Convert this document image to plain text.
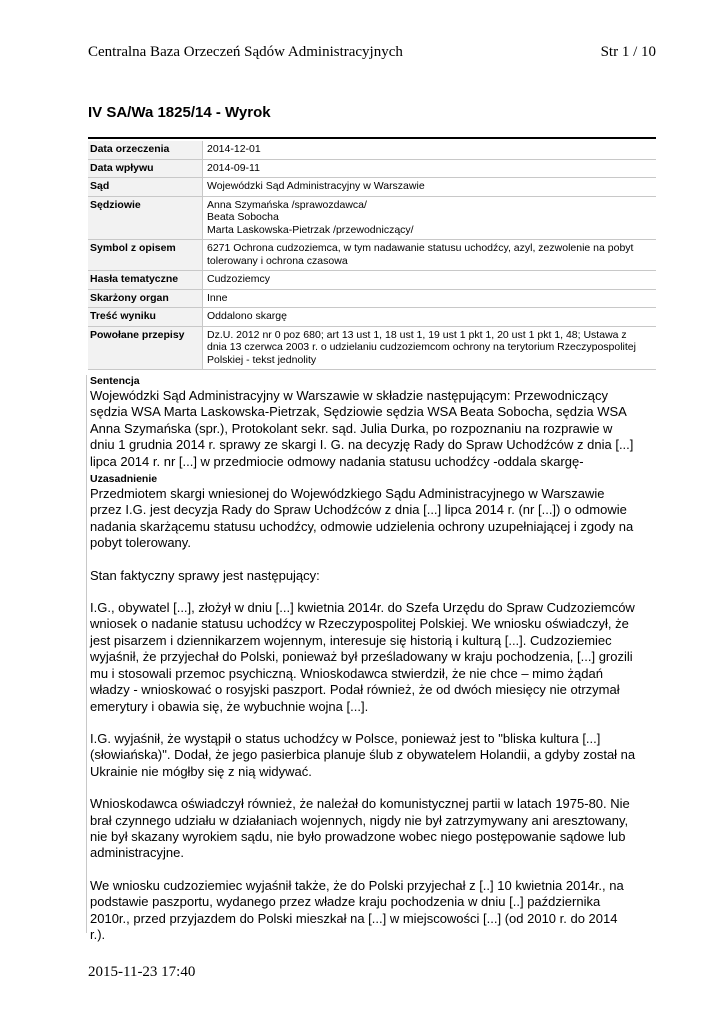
Centralna Baza Orzeczeń Sądów Administracyjnych	Str 1 / 10
IV SA/Wa 1825/14 - Wyrok
Data orzeczenia	2014-12-01
Data wpływu	2014-09-11
Sąd	Wojewódzki Sąd Administracyjny w Warszawie
Sędziowie	Anna Szymańska /sprawozdawca/
Beata Sobocha
Marta Laskowska-Pietrzak /przewodniczący/
Symbol z opisem	6271 Ochrona cudzoziemca, w tym nadawanie statusu uchodźcy, azyl, zezwolenie na pobyt
tolerowany i ochrona czasowa
Hasła tematyczne	Cudzoziemcy
Skarżony organ	Inne
Treść wyniku	Oddalono skargę
Powołane przepisy	Dz.U. 2012 nr 0 poz 680; art 13 ust 1, 18 ust 1, 19 ust 1 pkt 1, 20 ust 1 pkt 1, 48; Ustawa z
dnia 13 czerwca 2003 r. o udzielaniu cudzoziemcom ochrony na terytorium Rzeczypospolitej
Polskiej - tekst jednolity
Sentencja
Wojewódzki Sąd Administracyjny w Warszawie w składzie następującym: Przewodniczący
sędzia WSA Marta Laskowska-Pietrzak, Sędziowie sędzia WSA Beata Sobocha, sędzia WSA
Anna Szymańska (spr.), Protokolant sekr. sąd. Julia Durka, po rozpoznaniu na rozprawie w
dniu 1 grudnia 2014 r. sprawy ze skargi I. G. na decyzję Rady do Spraw Uchodźców z dnia [...]
lipca 2014 r. nr [...] w przedmiocie odmowy nadania statusu uchodźcy -oddala skargę-
Uzasadnienie
Przedmiotem skargi wniesionej do Wojewódzkiego Sądu Administracyjnego w Warszawie
przez I.G. jest decyzja Rady do Spraw Uchodźców z dnia [...] lipca 2014 r. (nr [...]) o odmowie
nadania skarżącemu statusu uchodźcy, odmowie udzielenia ochrony uzupełniającej i zgody na
pobyt tolerowany.
Stan faktyczny sprawy jest następujący:
I.G., obywatel [...], złożył w dniu [...] kwietnia 2014r. do Szefa Urzędu do Spraw Cudzoziemców
wniosek o nadanie statusu uchodźcy w Rzeczypospolitej Polskiej. We wniosku oświadczył, że
jest pisarzem i dziennikarzem wojennym, interesuje się historią i kulturą [...]. Cudzoziemiec
wyjaśnił, że przyjechał do Polski, ponieważ był prześladowany w kraju pochodzenia, [...] grozili
mu i stosowali przemoc psychiczną. Wnioskodawca stwierdził, że nie chce – mimo żądań
władzy - wnioskować o rosyjski paszport. Podał również, że od dwóch miesięcy nie otrzymał
emerytury i obawia się, że wybuchnie wojna [...].
I.G. wyjaśnił, że wystąpił o status uchodźcy w Polsce, ponieważ jest to "bliska kultura [...]
(słowiańska)". Dodał, że jego pasierbica planuje ślub z obywatelem Holandii, a gdyby został na
Ukrainie nie mógłby się z nią widywać.
Wnioskodawca oświadczył również, że należał do komunistycznej partii w latach 1975-80. Nie
brał czynnego udziału w działaniach wojennych, nigdy nie był zatrzymywany ani aresztowany,
nie był skazany wyrokiem sądu, nie było prowadzone wobec niego postępowanie sądowe lub
administracyjne.
We wniosku cudzoziemiec wyjaśnił także, że do Polski przyjechał z [..] 10 kwietnia 2014r., na
podstawie paszportu, wydanego przez władze kraju pochodzenia w dniu [..] października
2010r., przed przyjazdem do Polski mieszkał na [...] w miejscowości [...] (od 2010 r. do 2014
r.).
2015-11-23 17:40
